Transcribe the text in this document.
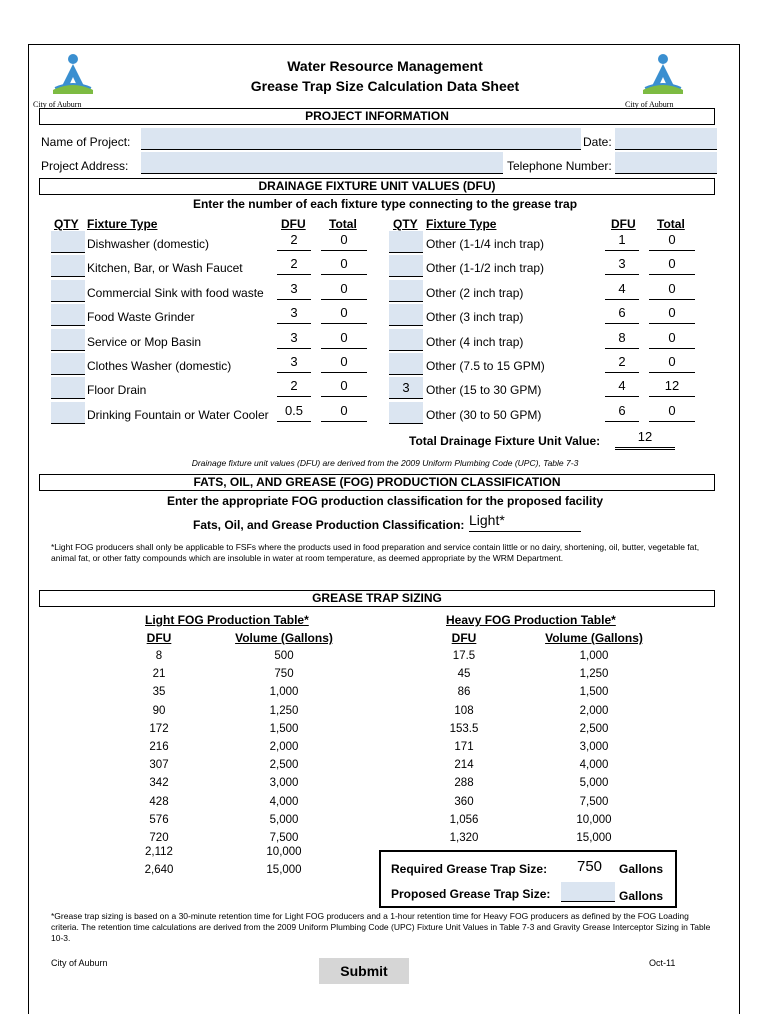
City of Auburn	City of Auburn
Water Resource Management
Grease Trap Size Calculation Data Sheet
PROJECT INFORMATION
Name of Project:	Date:
Project Address:	Telephone Number:
DRAINAGE FIXTURE UNIT VALUES (DFU)
Enter the number of each fixture type connecting to the grease trap
QTY Fixture Type	DFU Total	QTY Fixture Type	DFU Total
Dishwasher (domestic)	2	0
Kitchen, Bar, or Wash Faucet	2	0
Commercial Sink with food waste	3	0
Food Waste Grinder	3	0
Service or Mop Basin	3	0
Clothes Washer (domestic)	3	0
Floor Drain	2	0
Drinking Fountain or Water Cooler	0.5	0
Other (1-1/4 inch trap)	1	0
Other (1-1/2 inch trap)	3	0
Other (2 inch trap)	4	0
Other (3 inch trap)	6	0
Other (4 inch trap)	8	0
Other (7.5 to 15 GPM)	2	0
3	Other (15 to 30 GPM)	4	12
Other (30 to 50 GPM)	6	0
Total Drainage Fixture Unit Value:	12
Drainage fixture unit values (DFU) are derived from the 2009 Uniform Plumbing Code (UPC), Table 7-3
FATS, OIL, AND GREASE (FOG) PRODUCTION CLASSIFICATION
Enter the appropriate FOG production classification for the proposed facility
Fats, Oil, and Grease Production Classification: Light*
*Light FOG producers shall only be applicable to FSFs where the products used in food preparation and service contain little or no dairy, shortening, oil, butter, vegetable fat, animal fat, or other fatty compounds which are insoluble in water at room temperature, as deemed appropriate by the WRM Department.
GREASE TRAP SIZING
Light FOG Production Table*	Heavy FOG Production Table*
DFU	Volume (Gallons)	DFU	Volume (Gallons)
8	500
21	750
35	1,000
90	1,250
172	1,500
216	2,000
307	2,500
342	3,000
428	4,000
576	5,000
720	7,500
2,112	10,000
2,640	15,000
17.5	1,000
45	1,250
86	1,500
108	2,000
153.5	2,500
171	3,000
214	4,000
288	5,000
360	7,500
1,056	10,000
1,320	15,000
Required Grease Trap Size: 750 Gallons
Proposed Grease Trap Size:	Gallons
*Grease trap sizing is based on a 30-minute retention time for Light FOG producers and a 1-hour retention time for Heavy FOG producers as defined by the FOG Loading criteria. The retention time calculations are derived from the 2009 Uniform Plumbing Code (UPC) Fixture Unit Values in Table 7-3 and Gravity Grease Interceptor Sizing in Table 10-3.
City of Auburn	Oct-11
Submit
